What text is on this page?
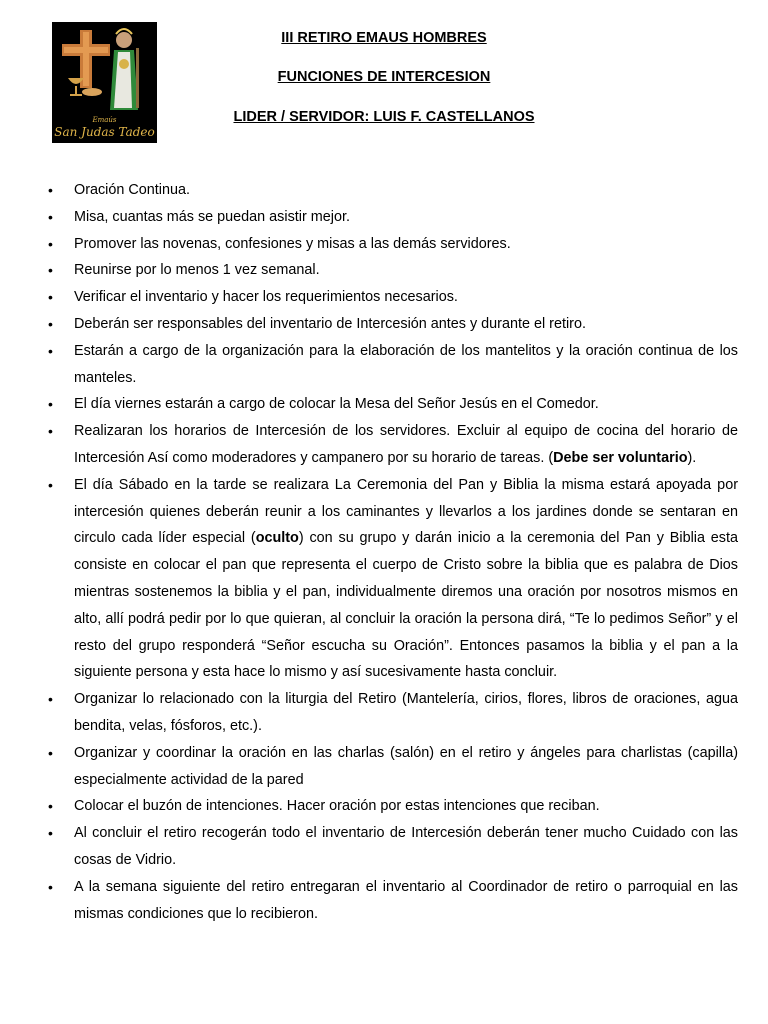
Emaús
San Judas Tadeo
III RETIRO EMAUS HOMBRES
FUNCIONES DE INTERCESION
LIDER / SERVIDOR: LUIS F. CASTELLANOS
• Oración Continua.
• Misa, cuantas más se puedan asistir mejor.
• Promover las novenas, confesiones y misas a las demás servidores.
• Reunirse por lo menos 1 vez semanal.
• Verificar el inventario y hacer los requerimientos necesarios.
• Deberán ser responsables del inventario de Intercesión antes y durante el retiro.
• Estarán a cargo de la organización para la elaboración de los mantelitos y la oración continua de los manteles.
• El día viernes estarán a cargo de colocar la Mesa del Señor Jesús en el Comedor.
• Realizaran los horarios de Intercesión de los servidores. Excluir al equipo de cocina del horario de Intercesión Así como moderadores y campanero por su horario de tareas. (Debe ser voluntario).
• El día Sábado en la tarde se realizara La Ceremonia del Pan y Biblia la misma estará apoyada por intercesión quienes deberán reunir a los caminantes y llevarlos a los jardines donde se sentaran en circulo cada líder especial (oculto) con su grupo y darán inicio a la ceremonia del Pan y Biblia esta consiste en colocar el pan que representa el cuerpo de Cristo sobre la biblia que es palabra de Dios mientras sostenemos la biblia y el pan, individualmente diremos una oración por nosotros mismos en alto, allí podrá pedir por lo que quieran, al concluir la oración la persona dirá, “Te lo pedimos Señor” y el resto del grupo responderá “Señor escucha su Oración”. Entonces pasamos la biblia y el pan a la siguiente persona y esta hace lo mismo y así sucesivamente hasta concluir.
• Organizar lo relacionado con la liturgia del Retiro (Mantelería, cirios, flores, libros de oraciones, agua bendita, velas, fósforos, etc.).
• Organizar y coordinar la oración en las charlas (salón) en el retiro y ángeles para charlistas (capilla) especialmente actividad de la pared
• Colocar el buzón de intenciones. Hacer oración por estas intenciones que reciban.
• Al concluir el retiro recogerán todo el inventario de Intercesión deberán tener mucho Cuidado con las cosas de Vidrio.
• A la semana siguiente del retiro entregaran el inventario al Coordinador de retiro o parroquial en las mismas condiciones que lo recibieron.
